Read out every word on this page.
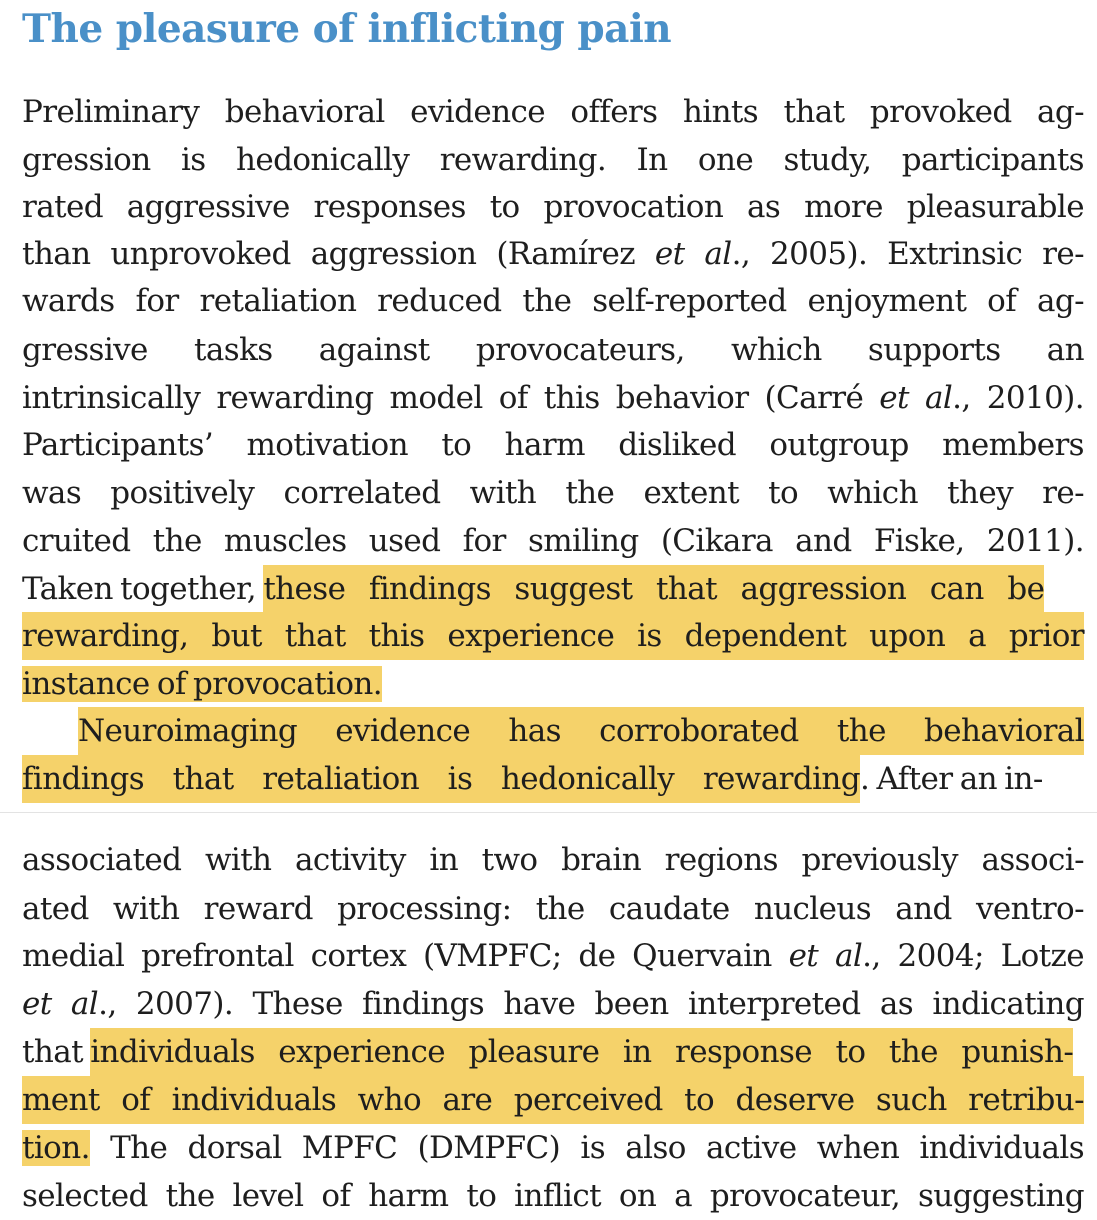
The pleasure of inflicting pain
Preliminary behavioral evidence offers hints that provoked ag-
gression is hedonically rewarding. In one study, participants
rated aggressive responses to provocation as more pleasurable
than unprovoked aggression (Ramírez et al., 2005). Extrinsic re-
wards for retaliation reduced the self-reported enjoyment of ag-
gressive tasks against provocateurs, which supports an
intrinsically rewarding model of this behavior (Carré et al., 2010).
Participants’ motivation to harm disliked outgroup members
was positively correlated with the extent to which they re-
cruited the muscles used for smiling (Cikara and Fiske, 2011).
Taken together, these findings suggest that aggression can be
rewarding, but that this experience is dependent upon a prior
instance of provocation.
Neuroimaging evidence has corroborated the behavioral
findings that retaliation is hedonically rewarding. After an in-
associated with activity in two brain regions previously associ-
ated with reward processing: the caudate nucleus and ventro-
medial prefrontal cortex (VMPFC; de Quervain et al., 2004; Lotze
et al., 2007). These findings have been interpreted as indicating
that individuals experience pleasure in response to the punish-
ment of individuals who are perceived to deserve such retribu-
tion. The dorsal MPFC (DMPFC) is also active when individuals
selected the level of harm to inflict on a provocateur, suggesting
